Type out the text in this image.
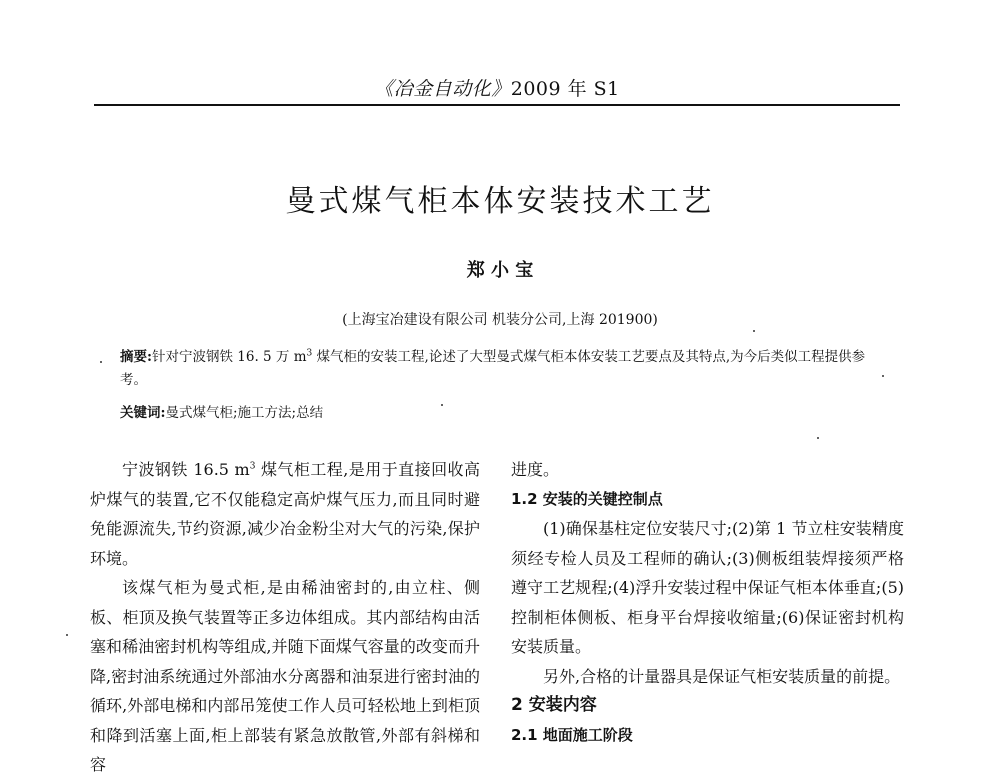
《冶金自动化》2009 年 S1
曼式煤气柜本体安装技术工艺
郑 小 宝
(上海宝冶建设有限公司 机装分公司,上海 201900)
摘要:针对宁波钢铁 16. 5 万 $m^3$ 煤气柜的安装工程,论述了大型曼式煤气柜本体安装工艺要点及其特点,为今后类似工程提供参考。
关键词:曼式煤气柜;施工方法;总结

宁波钢铁 16.5 $m^3$ 煤气柜工程,是用于直接回收高炉煤气的装置,它不仅能稳定高炉煤气压力,而且同时避免能源流失,节约资源,减少冶金粉尘对大气的污染,保护环境。

该煤气柜为曼式柜,是由稀油密封的,由立柱、侧板、柜顶及换气装置等正多边体组成。其内部结构由活塞和稀油密封机构等组成,并随下面煤气容量的改变而升降,密封油系统通过外部油水分离器和油泵进行密封油的循环,外部电梯和内部吊笼使工作人员可轻松地上到柜顶和降到活塞上面,柜上部装有紧急放散管,外部有斜梯和容

进度。

1.2 安装的关键控制点

(1)确保基柱定位安装尺寸;(2)第 1 节立柱安装精度须经专检人员及工程师的确认;(3)侧板组装焊接须严格遵守工艺规程;(4)浮升安装过程中保证气柜本体垂直;(5)控制柜体侧板、柜身平台焊接收缩量;(6)保证密封机构安装质量。

另外,合格的计量器具是保证气柜安装质量的前提。

2 安装内容

2.1 地面施工阶段
